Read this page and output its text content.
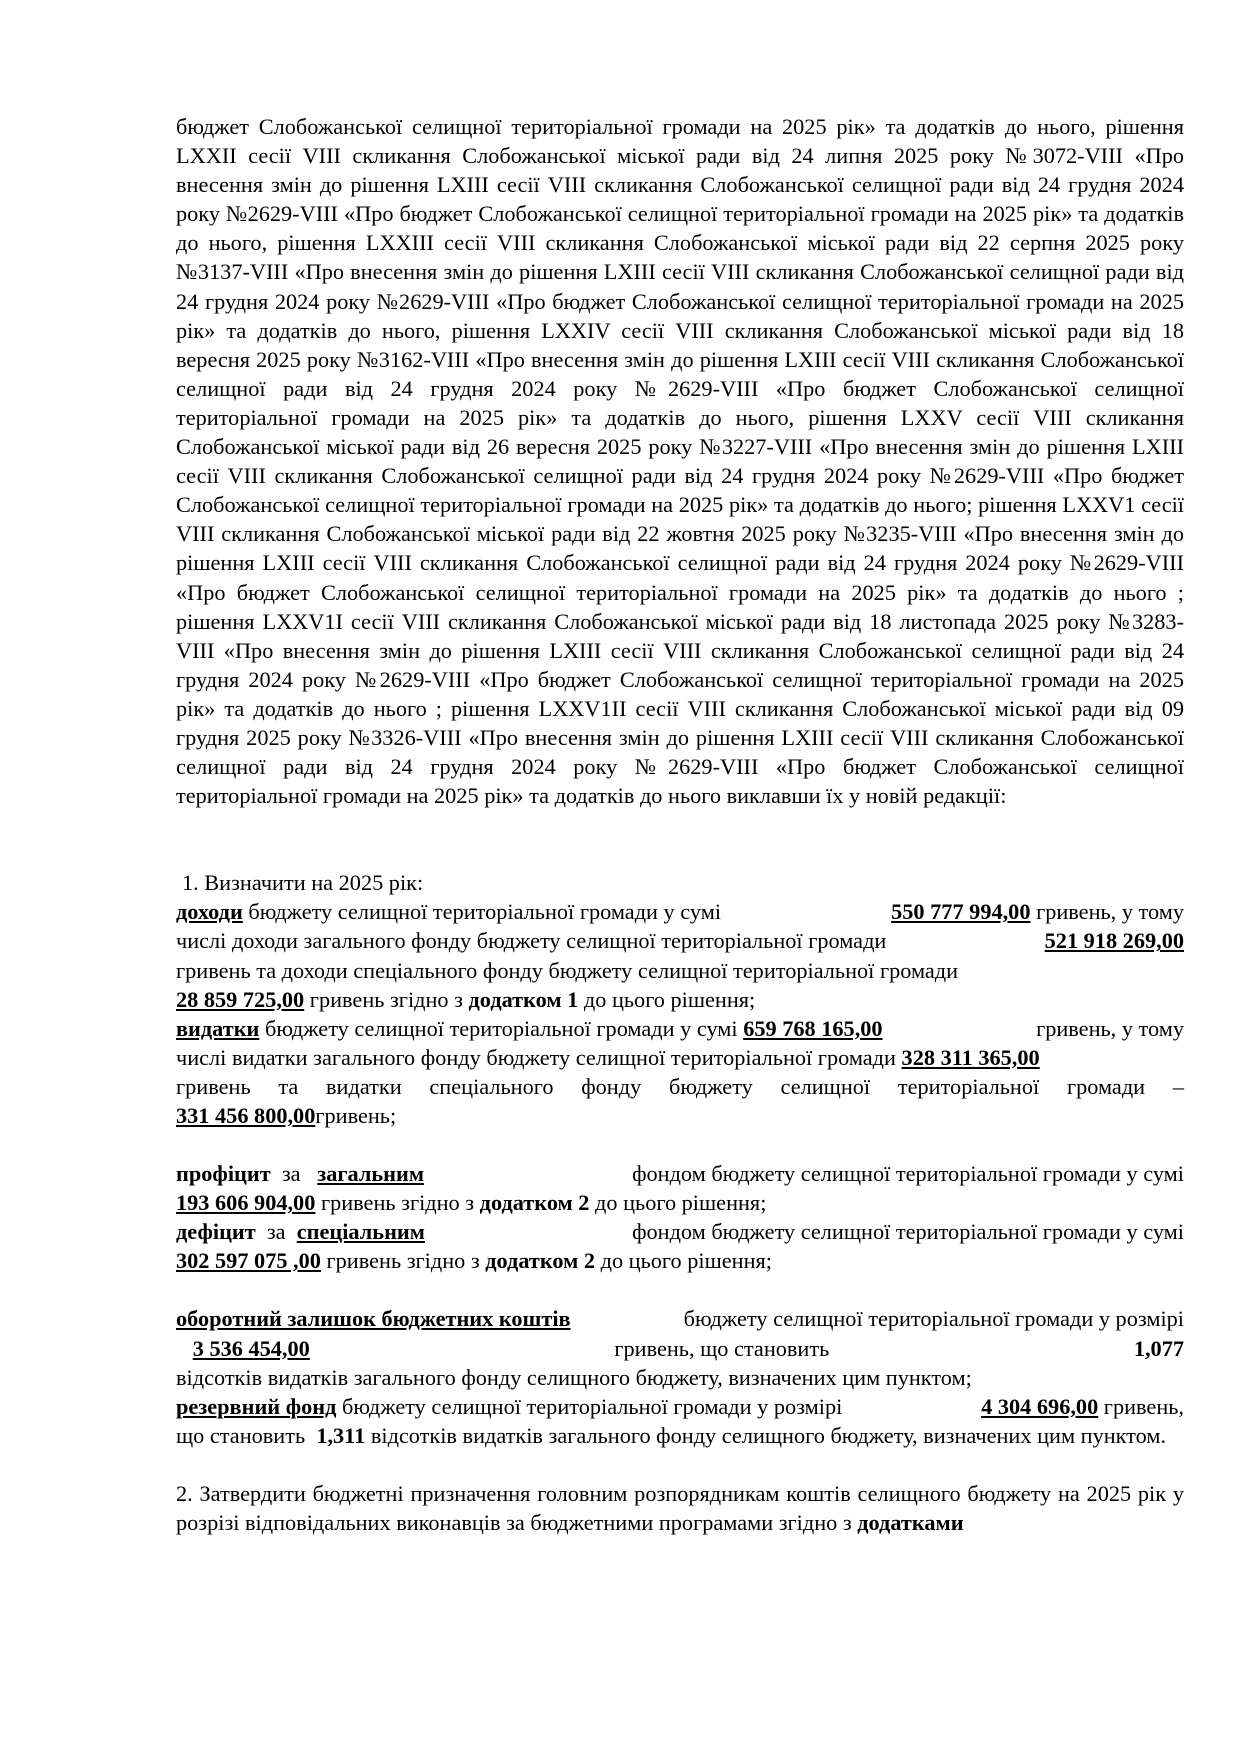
бюджет Слобожанської селищної територіальної громади на 2025 рік» та додатків до нього, рішення LXXII сесії VIII скликання Слобожанської міської ради від 24 липня 2025 року №3072-VIII «Про внесення змін до рішення LXIII сесії VIII скликання Слобожанської селищної ради від 24 грудня 2024 року №2629-VIII «Про бюджет Слобожанської селищної територіальної громади на 2025 рік» та додатків до нього, рішення LXXIII сесії VIII скликання Слобожанської міської ради від 22 серпня 2025 року №3137-VIII «Про внесення змін до рішення LXIII сесії VIII скликання Слобожанської селищної ради від 24 грудня 2024 року №2629-VIII «Про бюджет Слобожанської селищної територіальної громади на 2025 рік» та додатків до нього, рішення LXXIV сесії VIII скликання Слобожанської міської ради від 18 вересня 2025 року №3162-VIII «Про внесення змін до рішення LXIII сесії VIII скликання Слобожанської селищної ради від 24 грудня 2024 року №2629-VIII «Про бюджет Слобожанської селищної територіальної громади на 2025 рік» та додатків до нього, рішення LXXV сесії VIII скликання Слобожанської міської ради від 26 вересня 2025 року №3227-VIII «Про внесення змін до рішення LXIII сесії VIII скликання Слобожанської селищної ради від 24 грудня 2024 року №2629-VIII «Про бюджет Слобожанської селищної територіальної громади на 2025 рік» та додатків до нього; рішення LXXV1 сесії VIII скликання Слобожанської міської ради від 22 жовтня 2025 року №3235-VIII «Про внесення змін до рішення LXIII сесії VIII скликання Слобожанської селищної ради від 24 грудня 2024 року №2629-VIII «Про бюджет Слобожанської селищної територіальної громади на 2025 рік» та додатків до нього ; рішення LXXV1I сесії VIII скликання Слобожанської міської ради від 18 листопада 2025 року №3283-VIII «Про внесення змін до рішення LXIII сесії VIII скликання Слобожанської селищної ради від 24 грудня 2024 року №2629-VIII «Про бюджет Слобожанської селищної територіальної громади на 2025 рік» та додатків до нього ; рішення LXXV1II сесії VIII скликання Слобожанської міської ради від 09 грудня 2025 року №3326-VIII «Про внесення змін до рішення LXIII сесії VIII скликання Слобожанської селищної ради від 24 грудня 2024 року №2629-VIII «Про бюджет Слобожанської селищної територіальної громади на 2025 рік» та додатків до нього виклавши їх у новій редакції:

1. Визначити на 2025 рік:
доходи бюджету селищної територіальної громади у сумі	550 777 994,00 гривень, у тому
числі доходи загального фонду бюджету селищної територіальної громади	521 918 269,00
гривень та доходи спеціального фонду бюджету селищної територіальної громади
28 859 725,00 гривень згідно з додатком 1 до цього рішення;
видатки бюджету селищної територіальної громади у сумі 659 768 165,00	гривень, у тому
числі видатки загального фонду бюджету селищної територіальної громади 328 311 365,00
гривень та видатки спеціального фонду бюджету селищної територіальної громади –
331 456 800,00гривень;
профіцит за загальним	фондом бюджету селищної територіальної громади у сумі
193 606 904,00 гривень згідно з додатком 2 до цього рішення;
дефіцит за спеціальним	фондом бюджету селищної територіальної громади у сумі
302 597 075 ,00 гривень згідно з додатком 2 до цього рішення;
оборотний залишок бюджетних коштів	бюджету селищної територіальної громади у розмірі
3 536 454,00	гривень, що становить	1,077
відсотків видатків загального фонду селищного бюджету, визначених цим пунктом;
резервний фонд бюджету селищної територіальної громади у розмірі	4 304 696,00 гривень,
що становить 1,311 відсотків видатків загального фонду селищного бюджету, визначених цим пунктом.

2. Затвердити бюджетні призначення головним розпорядникам коштів селищного бюджету на 2025 рік у розрізі відповідальних виконавців за бюджетними програмами згідно з додатками
